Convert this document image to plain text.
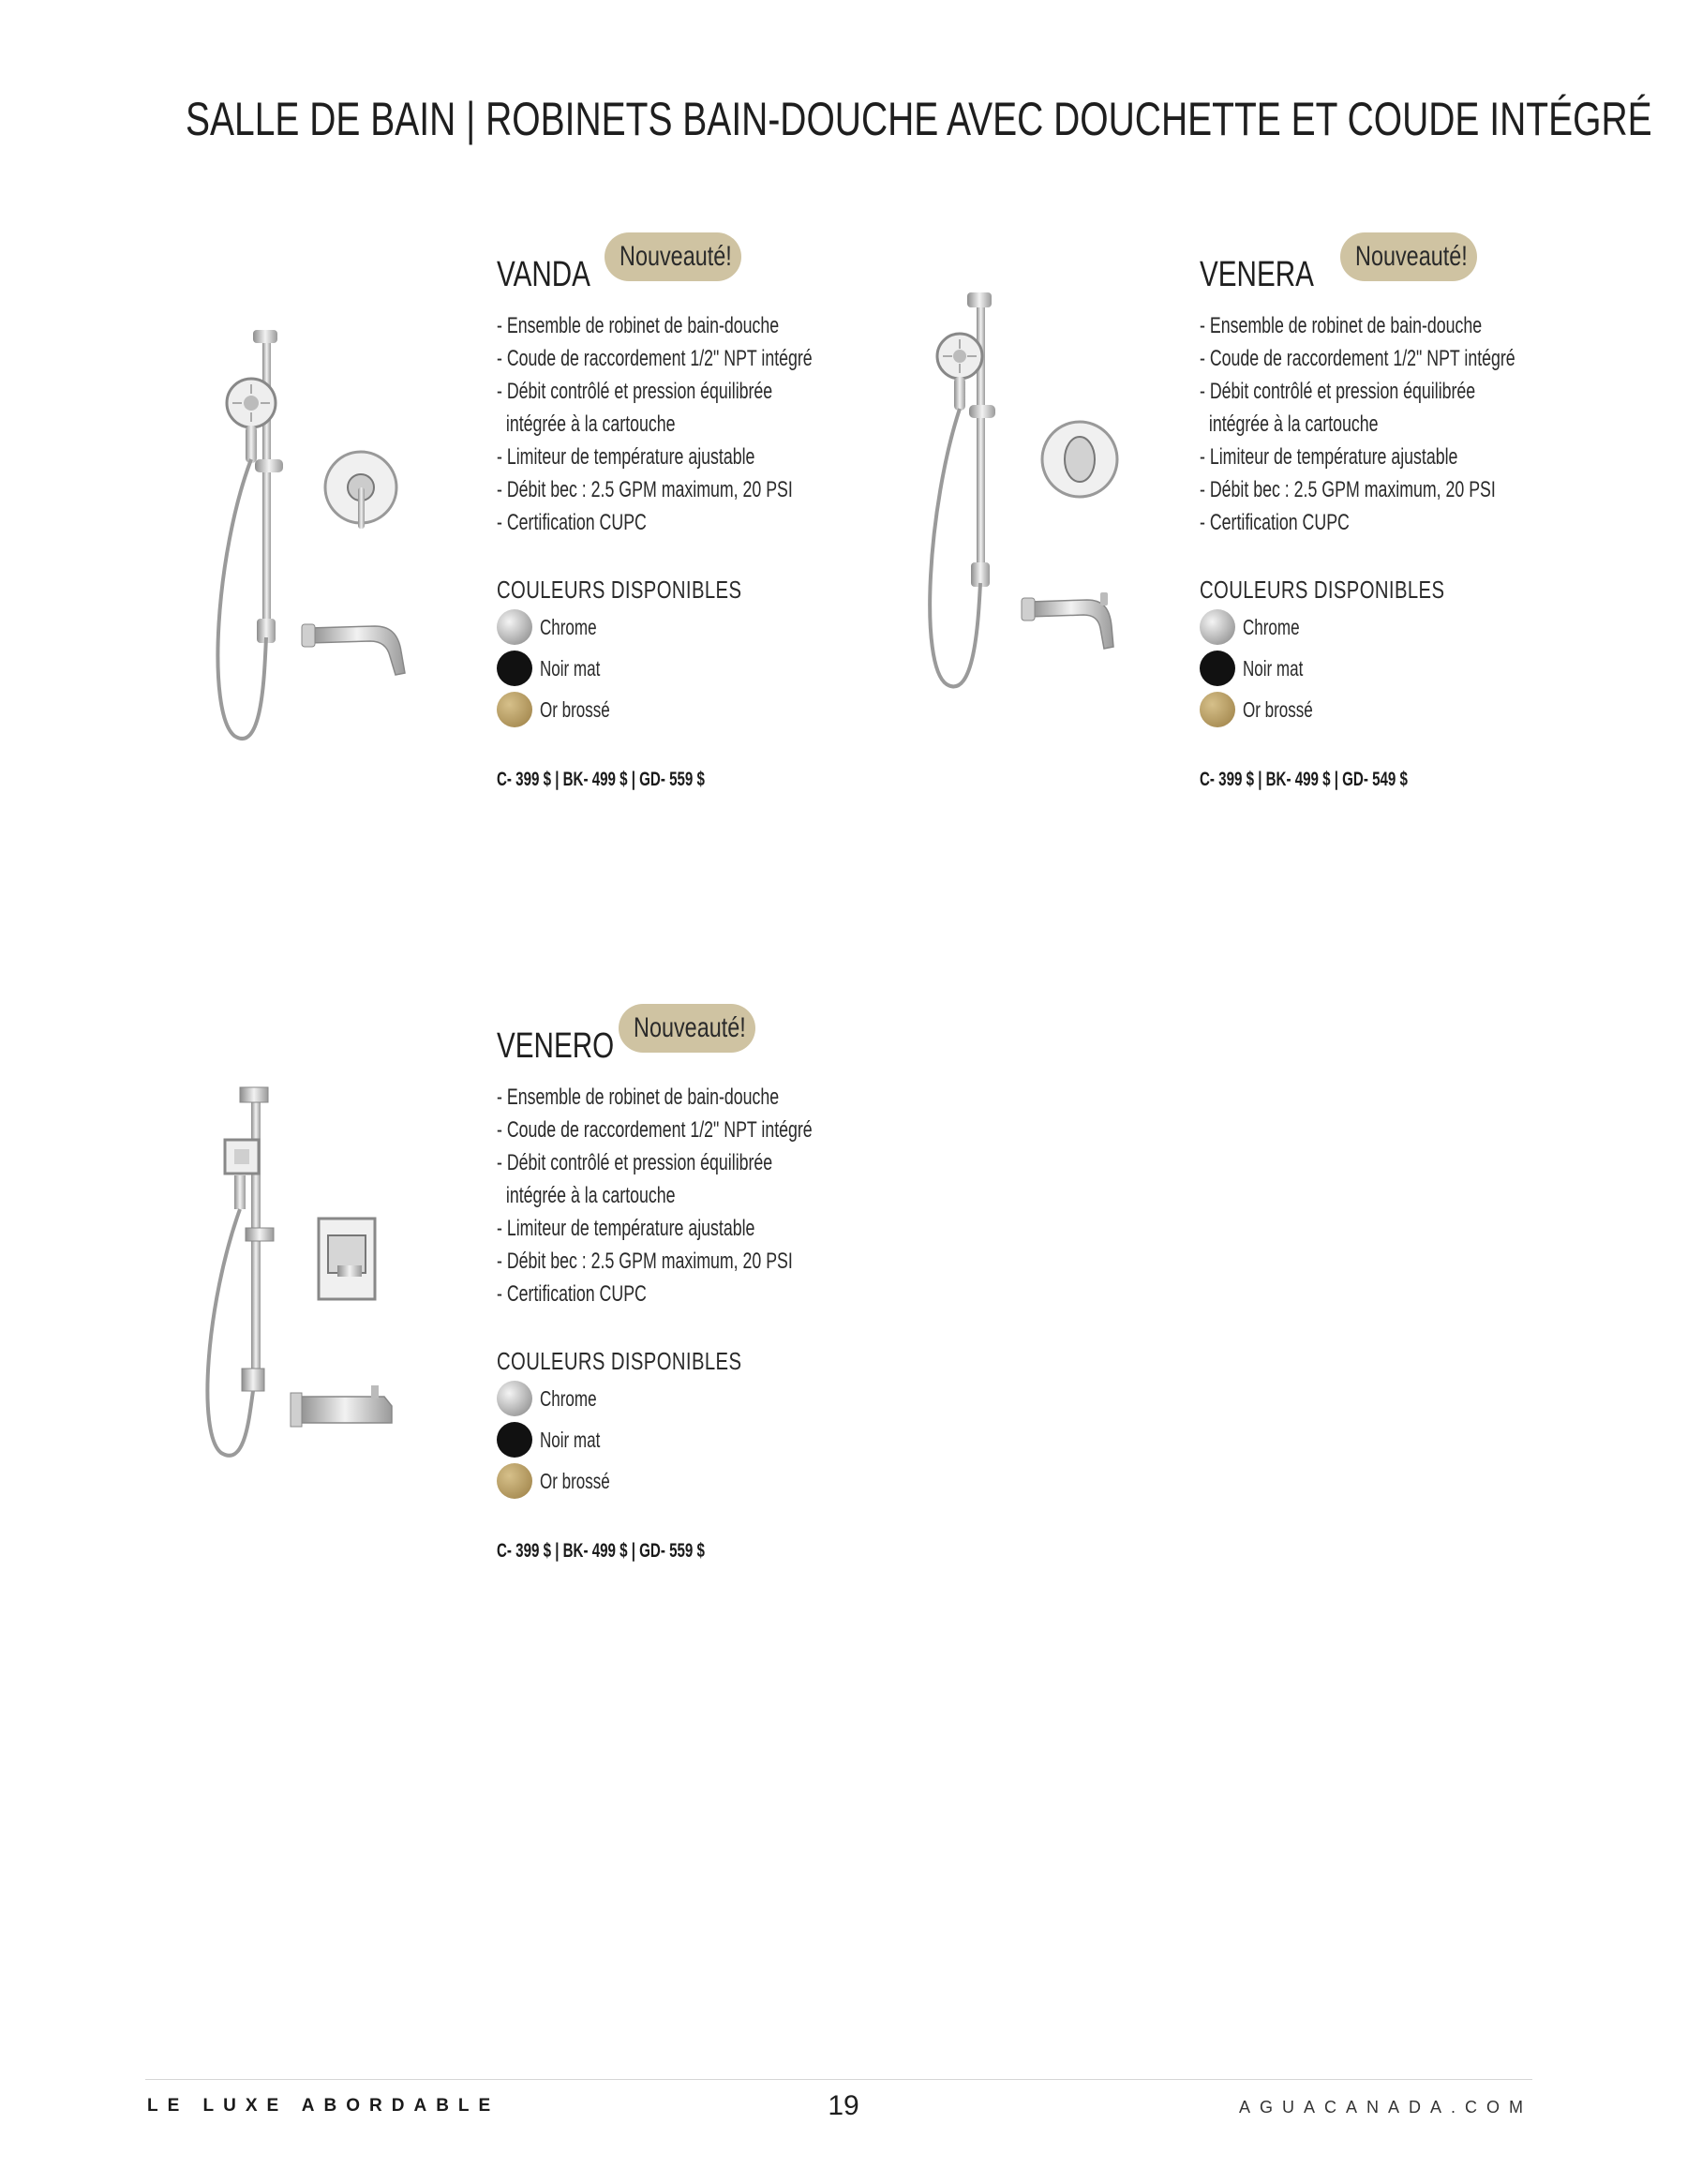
SALLE DE BAIN | ROBINETS BAIN-DOUCHE AVEC DOUCHETTE ET COUDE INTÉGRÉ
Nouveauté!
VANDA
- Ensemble de robinet de bain-douche
- Coude de raccordement 1/2" NPT intégré
- Débit contrôlé et pression équilibrée
intégrée à la cartouche
- Limiteur de température ajustable
- Débit bec : 2.5 GPM maximum, 20 PSI
- Certification CUPC
COULEURS DISPONIBLES
Chrome
Noir mat
Or brossé
C- 399 $ | BK- 499 $ | GD- 559 $
Nouveauté!
VENERA
- Ensemble de robinet de bain-douche
- Coude de raccordement 1/2" NPT intégré
- Débit contrôlé et pression équilibrée
intégrée à la cartouche
- Limiteur de température ajustable
- Débit bec : 2.5 GPM maximum, 20 PSI
- Certification CUPC
COULEURS DISPONIBLES
Chrome
Noir mat
Or brossé
C- 399 $ | BK- 499 $ | GD- 549 $
Nouveauté!
VENERO
- Ensemble de robinet de bain-douche
- Coude de raccordement 1/2" NPT intégré
- Débit contrôlé et pression équilibrée
intégrée à la cartouche
- Limiteur de température ajustable
- Débit bec : 2.5 GPM maximum, 20 PSI
- Certification CUPC
COULEURS DISPONIBLES
Chrome
Noir mat
Or brossé
C- 399 $ | BK- 499 $ | GD- 559 $
LE LUXE ABORDABLE	19	AGUACANADA.COM
